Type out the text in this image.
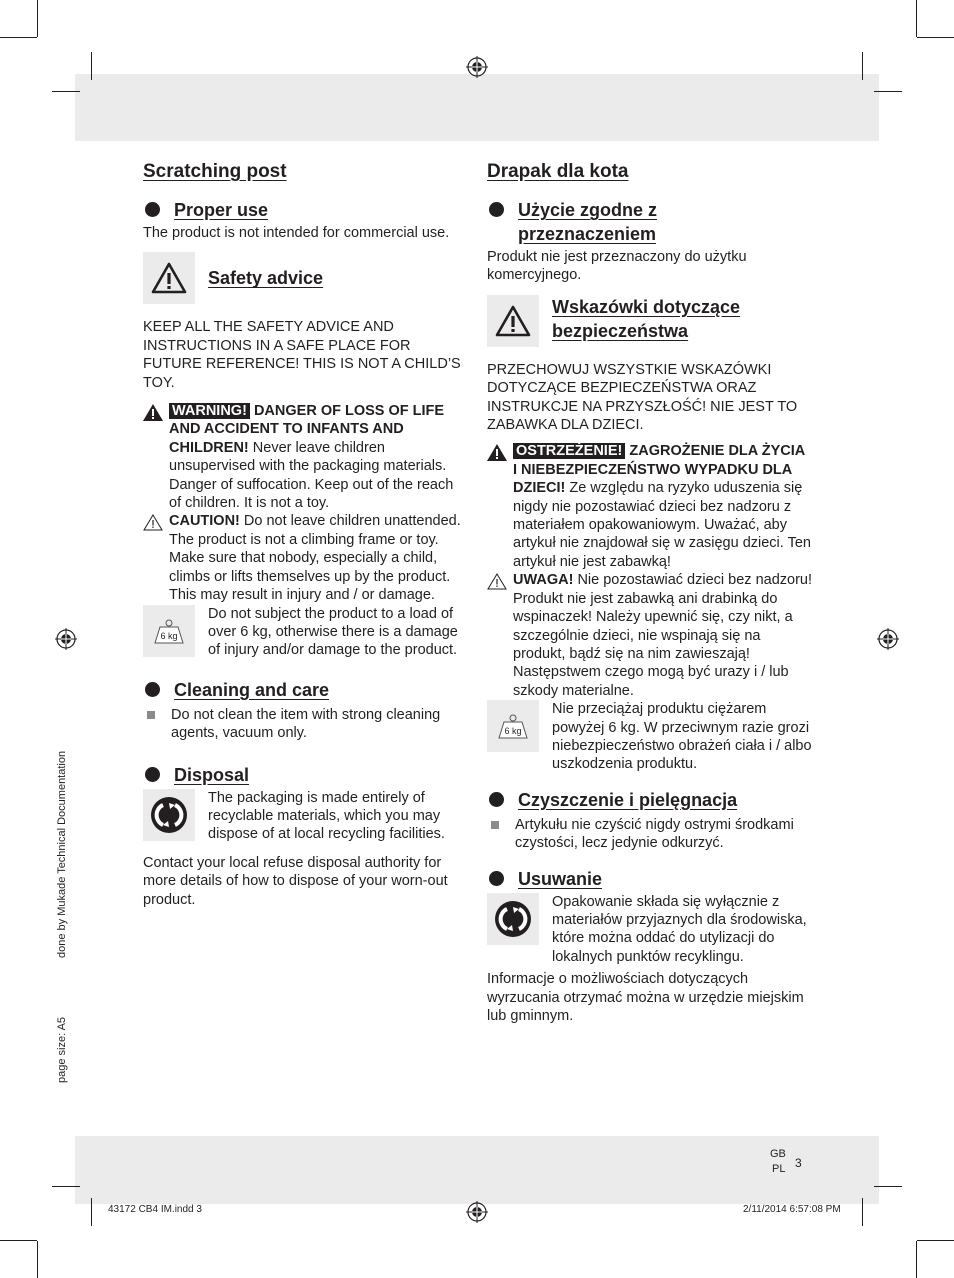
done by Mukade Technical Documentation
page size: A5
Scratching post
Proper use

The product is not intended for commercial use.

Safety advice

KEEP ALL THE SAFETY ADVICE AND INSTRUCTIONS IN A SAFE PLACE FOR FUTURE REFERENCE! THIS IS NOT A CHILD’S TOY.

WARNING! DANGER OF LOSS OF LIFE AND ACCIDENT TO INFANTS AND CHILDREN! Never leave children unsupervised with the packaging materials. Danger of suffocation. Keep out of the reach of children. It is not a toy.

CAUTION! Do not leave children unattended. The product is not a climbing frame or toy. Make sure that nobody, especially a child, climbs or lifts themselves up by the product. This may result in injury and / or damage.

6 kg

Do not subject the product to a load of over 6 kg, otherwise there is a damage of injury and/or damage to the product.

Cleaning and care

Do not clean the item with strong cleaning agents, vacuum only.

Disposal

The packaging is made entirely of recyclable materials, which you may dispose of at local recycling facilities.

Contact your local refuse disposal authority for more details of how to dispose of your worn-out product.

Drapak dla kota
Użycie zgodne z
przeznaczeniem

Produkt nie jest przeznaczony do użytku komercyjnego.

Wskazówki dotyczące
bezpieczeństwa

PRZECHOWUJ WSZYSTKIE WSKAZÓWKI DOTYCZĄCE BEZPIECZEŃSTWA ORAZ INSTRUKCJE NA PRZYSZŁOŚĆ! NIE JEST TO ZABAWKA DLA DZIECI.

OSTRZEŻENIE! ZAGROŻENIE DLA ŻYCIA I NIEBEZPIECZEŃSTWO WYPADKU DLA DZIECI! Ze względu na ryzyko uduszenia się nigdy nie pozostawiać dzieci bez nadzoru z materiałem opakowaniowym. Uważać, aby artykuł nie znajdował się w zasięgu dzieci. Ten artykuł nie jest zabawką!

UWAGA! Nie pozostawiać dzieci bez nadzoru! Produkt nie jest zabawką ani drabinką do wspinaczek! Należy upewnić się, czy nikt, a szczególnie dzieci, nie wspinają się na produkt, bądź się na nim zawieszają! Następstwem czego mogą być urazy i / lub szkody materialne.

6 kg

Nie przeciążaj produktu ciężarem powyżej 6 kg. W przeciwnym razie grozi niebezpieczeństwo obrażeń ciała i / albo uszkodzenia produktu.

Czyszczenie i pielęgnacja

Artykułu nie czyścić nigdy ostrymi środkami czystości, lecz jedynie odkurzyć.

Usuwanie

Opakowanie składa się wyłącznie z materiałów przyjaznych dla środowiska, które można oddać do utylizacji do lokalnych punktów recyklingu.

Informacje o możliwościach dotyczących wyrzucania otrzymać można w urzędzie miejskim lub gminnym.

GB
PL 3
43172 CB4 IM.indd 3	2/11/2014 6:57:08 PM
